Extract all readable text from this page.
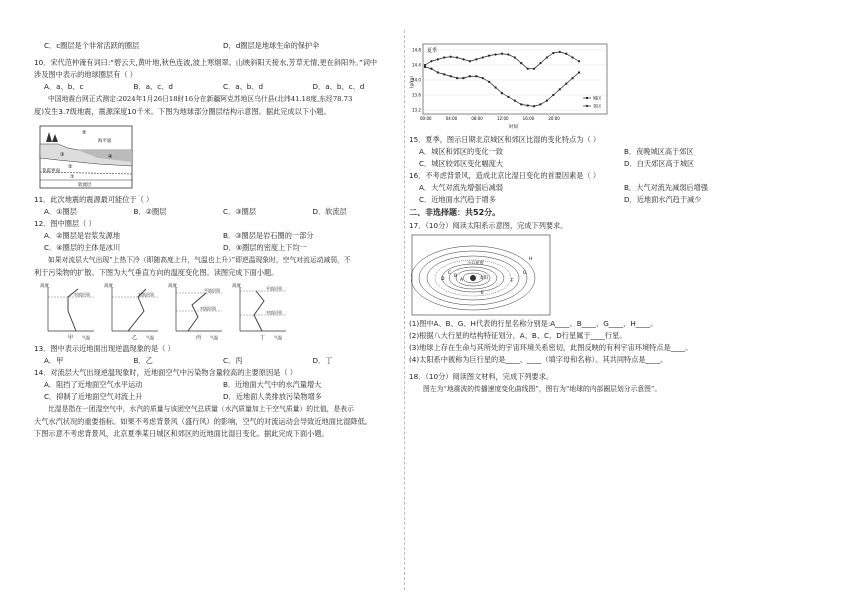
C．c圈层是个非常活跃的圈层	D．d圈层是地球生命的保护伞
10．宋代范仲淹有词曰:“碧云天,黄叶地,秋色连波,波上寒烟翠。山映斜阳天接水,芳草无情,更在斜阳外。”词中
涉及图中表示的地球圈层有（ ）
A．a、b、c	B．a、c、d	C．a、b、d	D．a、b、c、d
中国地震台网正式测定:2024年1月26日18时16分在新疆阿克苏地区乌什县(北纬41.18度,东经78.73
度)发生3.7级地震，震源深度10千米。下图为地球部分圈层结构示意图。据此完成以下小题。
⑤
海平面
③	④
②
莫霍界面
①
软流层
11．此次地震的震源最可能位于（ ）
A．①圈层	B．②圈层	C．③圈层	D．软流层
12．图中圈层（ ）
A．②圈层是岩浆发源地	B．③圈层是岩石圈的一部分
C．④圈层的主体是冰川	D．⑤圈层的密度上下均一
如果对流层大气出现“上热下冷（即随高度上升，气温也上升）”即逆温现象时，空气对流运动减弱，不
利于污染物的扩散。下图为大气垂直方向的温度变化图。读图完成下面小题。
高度
对流层顶
甲 气温
高度
对流层顶
乙 气温
高度
平流层顶
对流层顶
丙 气温
高度	平流层顶
对流层顶
丁 气温
13．图中表示近地面出现逆温现象的是（ ）
A．甲	B．乙	C．丙	D．丁
14．对流层大气出现逆温现象时，近地面空气中污染物含量较高的主要原因是（ ）
A．阻挡了近地面空气水平运动	B．近地面大气中的水汽量增大
C．抑制了近地面空气对流上升	D．近地面人类排放污染物增多
比湿是指在一团湿空气中，水汽的质量与该团空气总质量（水汽质量加上干空气质量）的比值，是表示
大气水汽状况的重要指标。如果不考虑背景风（盛行风）的影响，空气的对流运动会导致近地面比湿降低。
下图示意不考虑背景风，北京夏季某日城区和郊区的近地面比湿日变化。据此完成下面小题。
夏季
(g/kg)
时间
14.8
14.4
14.0
13.6
13.2
00:00	04:00	08:00	12:00	16:00	20:00
城区
郊区
15．夏季，图示日期北京城区和郊区比湿的变化特点为（ ）
A．城区和郊区的变化一致	B．夜晚城区高于郊区
C．城区较郊区变化幅度大	D．白天郊区高于城区
16．不考虑背景风，造成北京比湿日变化的首要因素是（ ）
A．大气对流先增强后减弱	B．大气对流先减弱后增强
C．近地面水汽趋于增多	D．近地面水汽趋于减少
二、非选择题：共52分。
17．（10分）阅读太阳系示意图，完成下列要求。
太阳
小行星带
A
B
C
D
E
F
G
H
(1)图中A、B、G、H代表的行星名称分别是:A____、B____、G____、H____。
(2)根据八大行星的结构特征划分，A、B、C、D行星属于____行星。
(3)地球上存在生命与其所处的宇宙环境关系密切，此图反映的有利宇宙环境特点是____。
(4)太阳系中被称为巨行星的是____、____（填字母和名称）。其共同特点是____。
18．（10分）阅读图文材料，完成下列要求。
图左为“地震波的传播速度变化曲线图”，图右为“地球的内部圈层划分示意图”。
